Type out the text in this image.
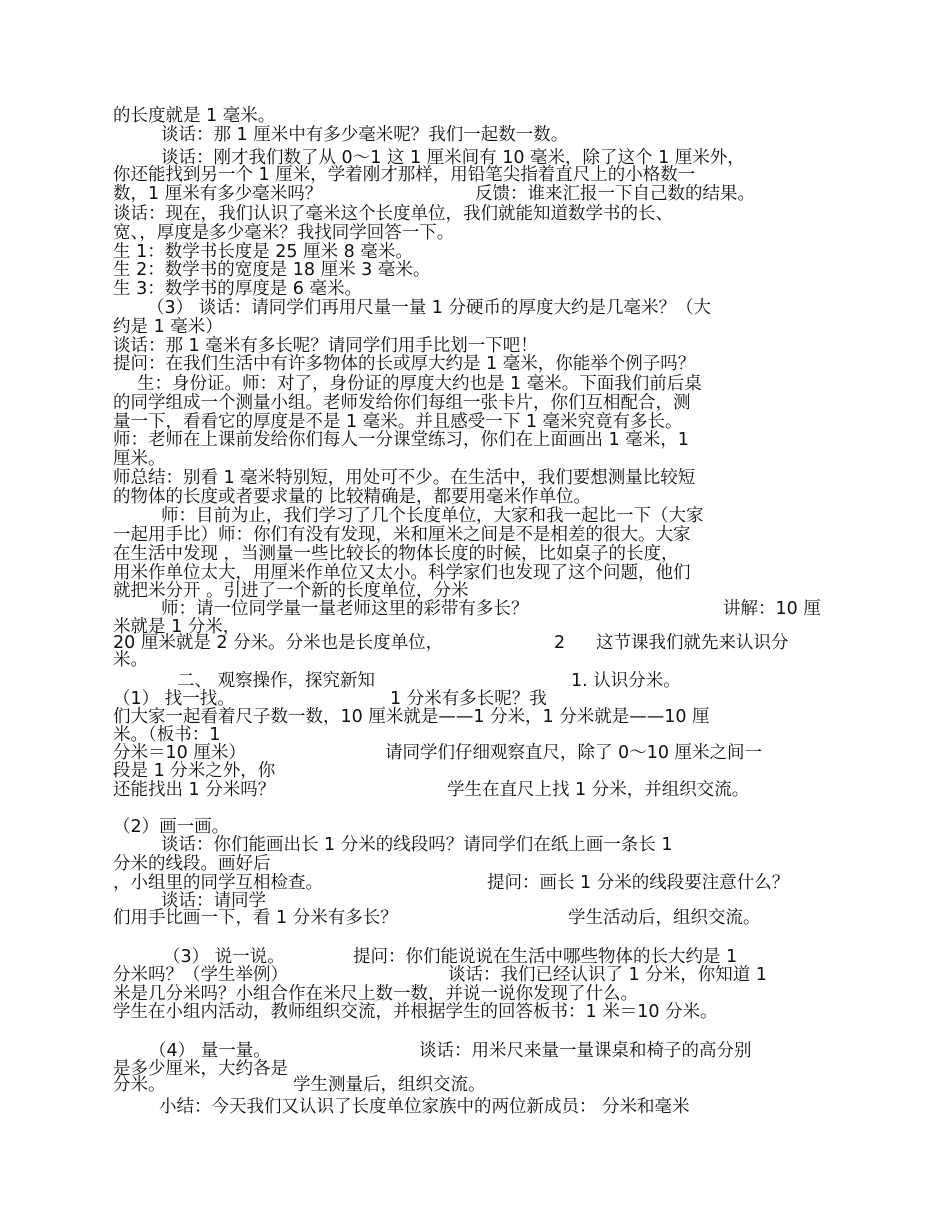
的长度就是 1 毫米。
谈话：那 1 厘米中有多少毫米呢？我们一起数一数。
谈话：刚才我们数了从 0～1 这 1 厘米间有 10 毫米，除了这个 1 厘米外，
你还能找到另一个 1 厘米，学着刚才那样，用铅笔尖指着直尺上的小格数一
数，1 厘米有多少毫米吗？	反馈：谁来汇报一下自己数的结果。
谈话：现在，我们认识了毫米这个长度单位，我们就能知道数学书的长、
宽、，厚度是多少毫米？我找同学回答一下。
生 1：数学书长度是 25 厘米 8 毫米。
生 2：数学书的宽度是 18 厘米 3 毫米。
生 3：数学书的厚度是 6 毫米。
（3） 谈话：请同学们再用尺量一量 1 分硬币的厚度大约是几毫米？（大
约是 1 毫米）
谈话：那 1 毫米有多长呢？请同学们用手比划一下吧！
提问：在我们生活中有许多物体的长或厚大约是 1 毫米，你能举个例子吗？
生：身份证。师：对了，身份证的厚度大约也是 1 毫米。下面我们前后桌
的同学组成一个测量小组。老师发给你们每组一张卡片，你们互相配合，测
量一下，看看它的厚度是不是 1 毫米。并且感受一下 1 毫米究竟有多长。
师：老师在上课前发给你们每人一分课堂练习，你们在上面画出 1 毫米，1
厘米。
师总结：别看 1 毫米特别短，用处可不少。在生活中，我们要想测量比较短
的物体的长度或者要求量的 比较精确是，都要用毫米作单位。
师：目前为止，我们学习了几个长度单位，大家和我一起比一下（大家
一起用手比）师：你们有没有发现，米和厘米之间是不是相差的很大。大家
在生活中发现 ，当测量一些比较长的物体长度的时候，比如桌子的长度，
用米作单位太大，用厘米作单位又太小。科学家们也发现了这个问题，他们
就把米分开 。引进了一个新的长度单位，分米
师：请一位同学量一量老师这里的彩带有多长？	讲解：10 厘
米就是 1 分米，
20 厘米就是 2 分米。分米也是长度单位，	2 这节课我们就先来认识分
米。
二、 观察操作，探究新知	1. 认识分米。
（1） 找一找。	1 分米有多长呢？我
们大家一起看着尺子数一数，10 厘米就是——1 分米，1 分米就是——10 厘
米。（板书：1
分米＝10 厘米）	请同学们仔细观察直尺，除了 0～10 厘米之间一
段是 1 分米之外，你
还能找出 1 分米吗？	学生在直尺上找 1 分米，并组织交流。
（2）画一画。
谈话：你们能画出长 1 分米的线段吗？请同学们在纸上画一条长 1
分米的线段。画好后
，小组里的同学互相检查。	提问：画长 1 分米的线段要注意什么？
谈话：请同学
们用手比画一下，看 1 分米有多长？	学生活动后，组织交流。
（3） 说一说。	提问：你们能说说在生活中哪些物体的长大约是 1
分米吗？（学生举例）	谈话：我们已经认识了 1 分米，你知道 1
米是几分米吗？小组合作在米尺上数一数，并说一说你发现了什么。
学生在小组内活动，教师组织交流，并根据学生的回答板书：1 米＝10 分米。
（4） 量一量。	谈话：用米尺来量一量课桌和椅子的高分别
是多少厘米，大约各是
分米。	学生测量后，组织交流。
小结：今天我们又认识了长度单位家族中的两位新成员： 分米和毫米
